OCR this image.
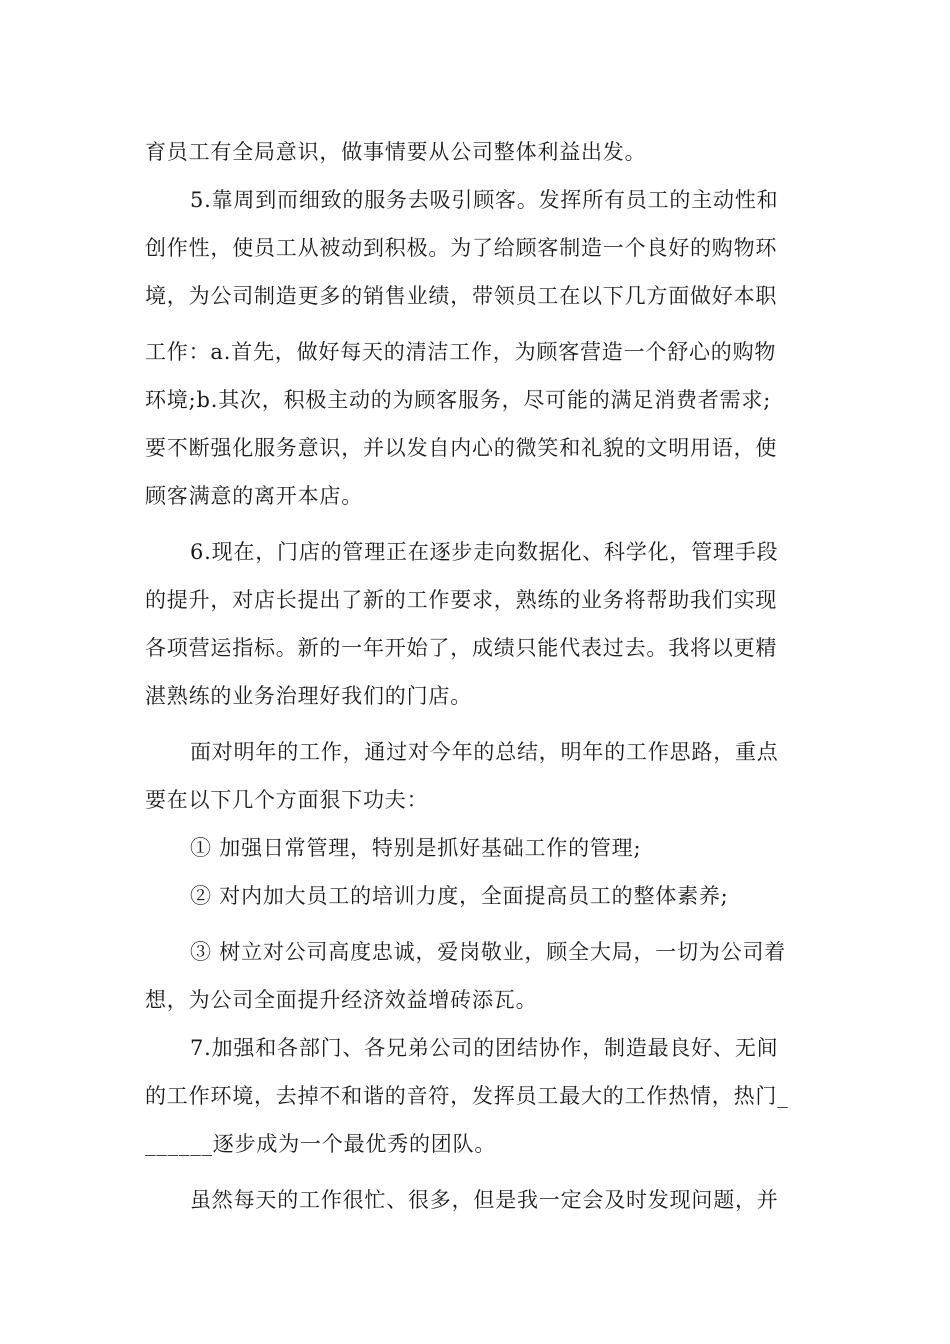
育员工有全局意识，做事情要从公司整体利益出发。
5.靠周到而细致的服务去吸引顾客。发挥所有员工的主动性和
创作性，使员工从被动到积极。为了给顾客制造一个良好的购物环
境，为公司制造更多的销售业绩，带领员工在以下几方面做好本职
工作：a.首先，做好每天的清洁工作，为顾客营造一个舒心的购物
环境;b.其次，积极主动的为顾客服务，尽可能的满足消费者需求;
要不断强化服务意识，并以发自内心的微笑和礼貌的文明用语，使
顾客满意的离开本店。
6.现在，门店的管理正在逐步走向数据化、科学化，管理手段
的提升，对店长提出了新的工作要求，熟练的业务将帮助我们实现
各项营运指标。新的一年开始了，成绩只能代表过去。我将以更精
湛熟练的业务治理好我们的门店。
面对明年的工作，通过对今年的总结，明年的工作思路，重点
要在以下几个方面狠下功夫：
① 加强日常管理，特别是抓好基础工作的管理;
② 对内加大员工的培训力度，全面提高员工的整体素养;
③ 树立对公司高度忠诚，爱岗敬业，顾全大局，一切为公司着
想，为公司全面提升经济效益增砖添瓦。
7.加强和各部门、各兄弟公司的团结协作，制造最良好、无间
的工作环境，去掉不和谐的音符，发挥员工最大的工作热情，热门_
______逐步成为一个最优秀的团队。
虽然每天的工作很忙、很多，但是我一定会及时发现问题，并
